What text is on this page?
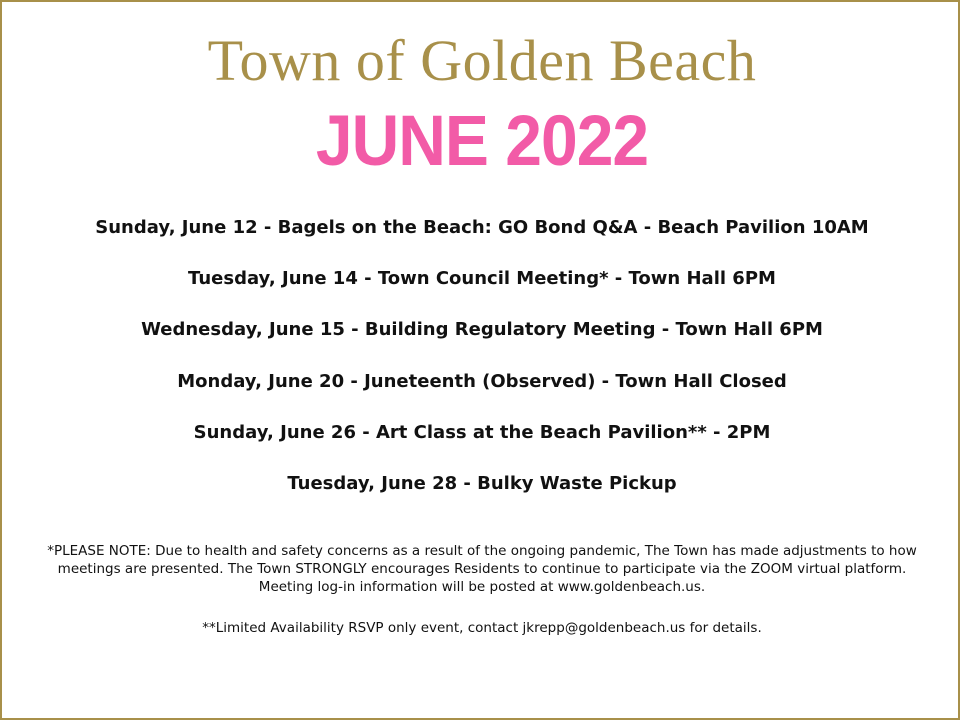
Town of Golden Beach
JUNE 2022
Sunday, June 12 - Bagels on the Beach: GO Bond Q&A - Beach Pavilion 10AM
Tuesday, June 14 - Town Council Meeting* - Town Hall 6PM
Wednesday, June 15 - Building Regulatory Meeting - Town Hall 6PM
Monday, June 20 - Juneteenth (Observed) - Town Hall Closed
Sunday, June 26 - Art Class at the Beach Pavilion** - 2PM
Tuesday, June 28 - Bulky Waste Pickup
*PLEASE NOTE: Due to health and safety concerns as a result of the ongoing pandemic, The Town has made adjustments to how meetings are presented. The Town STRONGLY encourages Residents to continue to participate via the ZOOM virtual platform. Meeting log-in information will be posted at www.goldenbeach.us.
**Limited Availability RSVP only event, contact jkrepp@goldenbeach.us for details.
